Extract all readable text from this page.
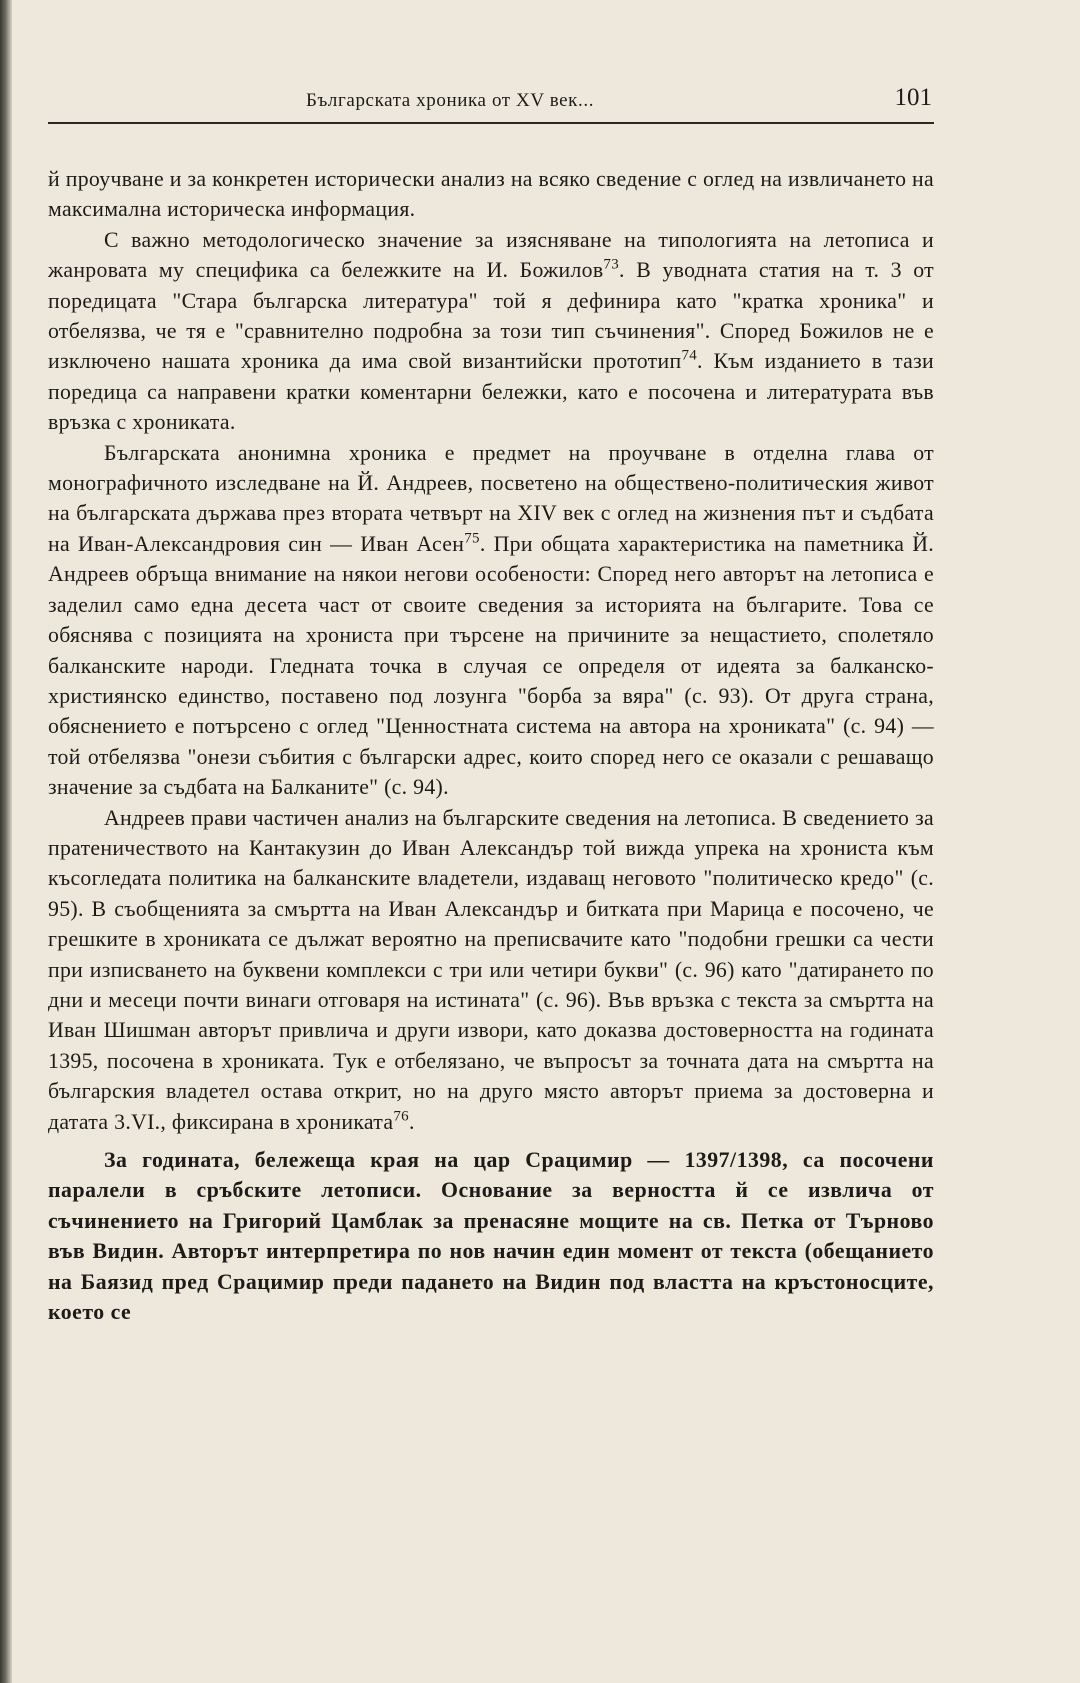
Българската хроника от XV век...	101

й проучване и за конкретен исторически анализ на всяко сведение с оглед на извличането на максимална историческа информация.

С важно методологическо значение за изясняване на типологията на летописа и жанровата му специфика са бележките на И. Божилов$^{73}$. В уводната статия на т. 3 от поредицата "Стара българска литература" той я дефинира като "кратка хроника" и отбелязва, че тя е "сравнително подробна за този тип съчинения". Според Божилов не е изключено нашата хроника да има свой византийски прототип$^{74}$. Към изданието в тази поредица са направени кратки коментарни бележки, като е посочена и литературата във връзка с хрониката.

Българската анонимна хроника е предмет на проучване в отделна глава от монографичното изследване на Й. Андреев, посветено на обществено-политическия живот на българската държава през втората четвърт на XIV век с оглед на жизнения път и съдбата на Иван-Александровия син — Иван Асен$^{75}$. При общата характеристика на паметника Й. Андреев обръща внимание на някои негови особености: Според него авторът на летописа е заделил само една десета част от своите сведения за историята на българите. Това се обяснява с позицията на хрониста при търсене на причините за нещастието, сполетяло балканските народи. Гледната точка в случая се определя от идеята за балканско-християнско единство, поставено под лозунга "борба за вяра" (с. 93). От друга страна, обяснението е потърсено с оглед "Ценностната система на автора на хрониката" (с. 94) — той отбелязва "онези събития с български адрес, които според него се оказали с решаващо значение за съдбата на Балканите" (с. 94).

Андреев прави частичен анализ на българските сведения на летописа. В сведението за пратеничеството на Кантакузин до Иван Александър той вижда упрека на хрониста към късогледата политика на балканските владетели, издаващ неговото "политическо кредо" (с. 95). В съобщенията за смъртта на Иван Александър и битката при Марица е посочено, че грешките в хрониката се дължат вероятно на преписвачите като "подобни грешки са чести при изписването на буквени комплекси с три или четири букви" (с. 96) като "датирането по дни и месеци почти винаги отговаря на истината" (с. 96). Във връзка с текста за смъртта на Иван Шишман авторът привлича и други извори, като доказва достоверността на годината 1395, посочена в хрониката. Тук е отбелязано, че въпросът за точната дата на смъртта на българския владетел остава открит, но на друго място авторът приема за достоверна и датата 3.VI., фиксирана в хрониката$^{76}$.

За годината, бележеща края на цар Срацимир — 1397/1398, са посочени паралели в сръбските летописи. Основание за верността й се извлича от съчинението на Григорий Цамблак за пренасяне мощите на св. Петка от Търново във Видин. Авторът интерпретира по нов начин един момент от текста (обещанието на Баязид пред Срацимир преди падането на Видин под властта на кръстоносците, което се
